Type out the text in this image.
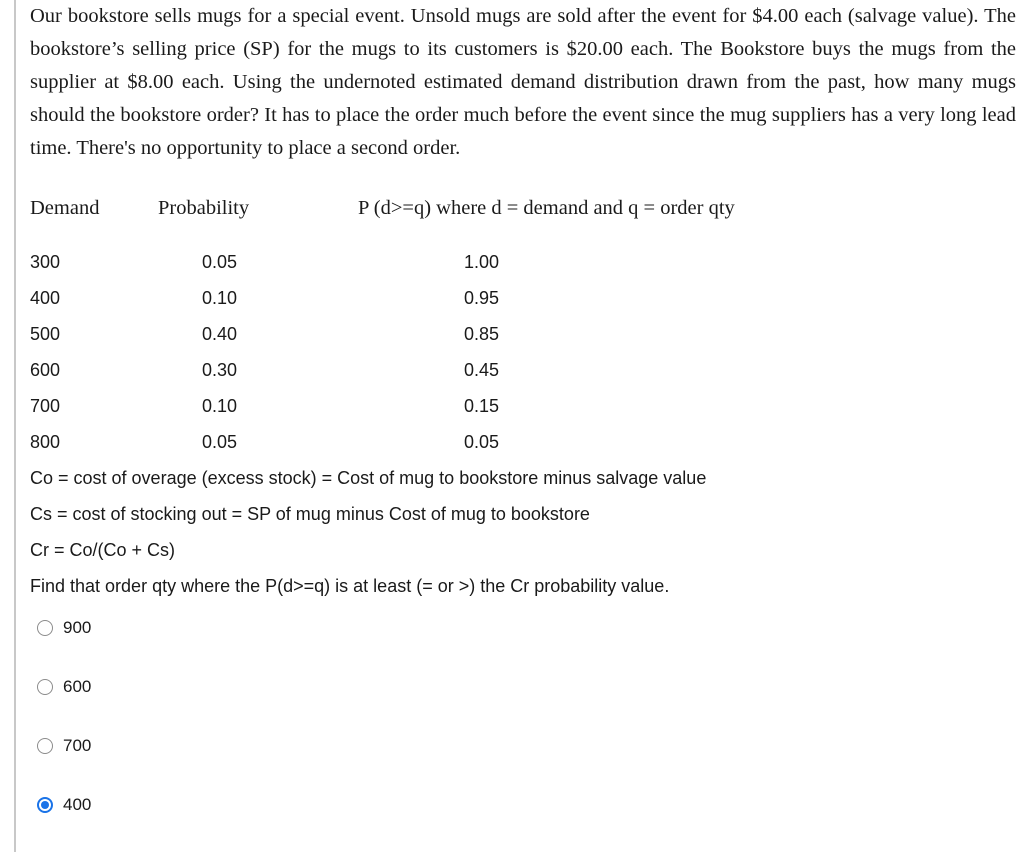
Our bookstore sells mugs for a special event. Unsold mugs are sold after the event for $4.00 each (salvage value). The bookstore’s selling price (SP) for the mugs to its customers is $20.00 each. The Bookstore buys the mugs from the supplier at $8.00 each. Using the undernoted estimated demand distribution drawn from the past, how many mugs should the bookstore order? It has to place the order much before the event since the mug suppliers has a very long lead time. There's no opportunity to place a second order.
Demand	Probability	P (d>=q) where d = demand and q = order qty
300	0.05	1.00
400	0.10	0.95
500	0.40	0.85
600	0.30	0.45
700	0.10	0.15
800	0.05	0.05
Co = cost of overage (excess stock) = Cost of mug to bookstore minus salvage value
Cs = cost of stocking out = SP of mug minus Cost of mug to bookstore
Cr = Co/(Co + Cs)
Find that order qty where the P(d>=q) is at least (= or >) the Cr probability value.
900
600
700
400
